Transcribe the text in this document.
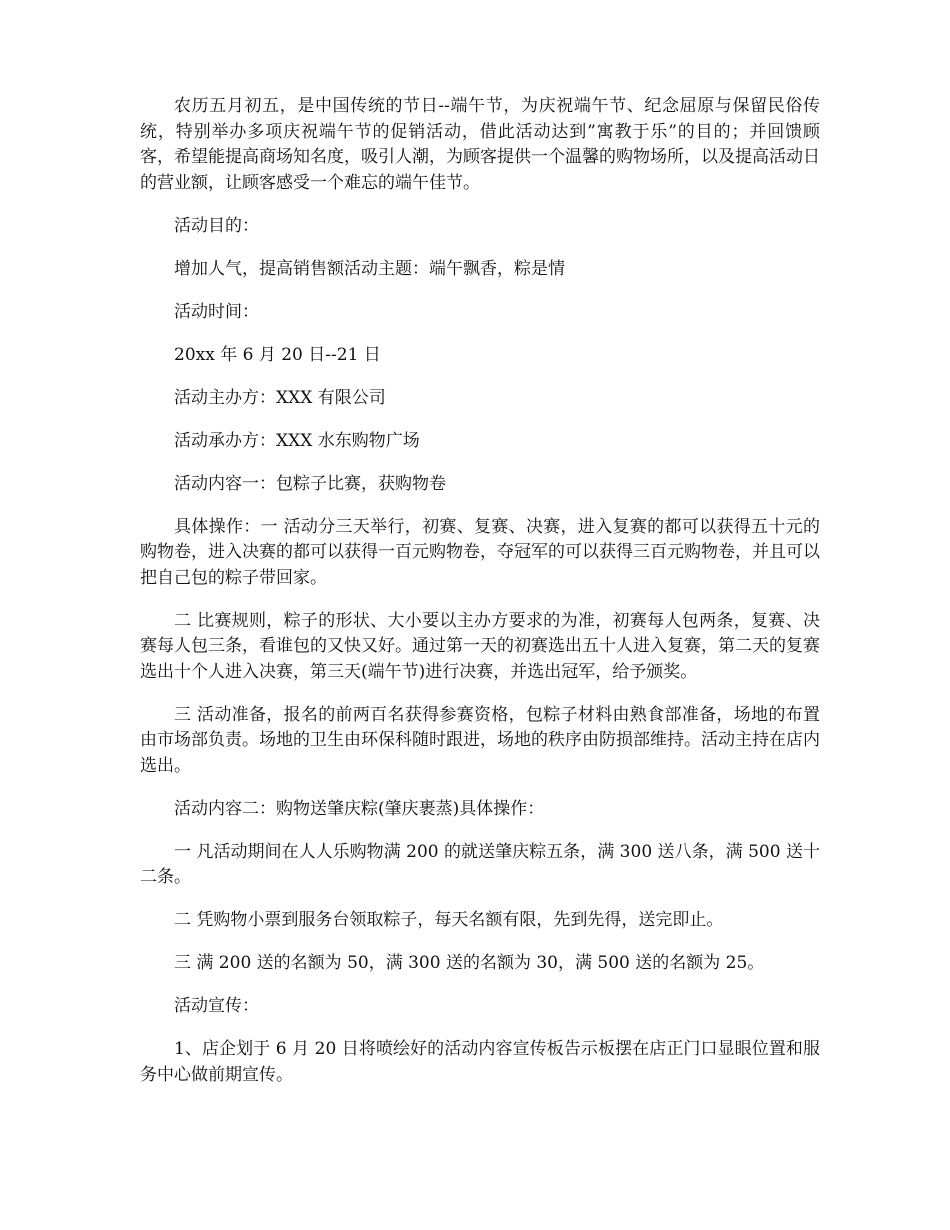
农历五月初五，是中国传统的节日--端午节，为庆祝端午节、纪念屈原与保留民俗传统，特别举办多项庆祝端午节的促销活动，借此活动达到”寓教于乐”的目的；并回馈顾客，希望能提高商场知名度，吸引人潮，为顾客提供一个温馨的购物场所，以及提高活动日的营业额，让顾客感受一个难忘的端午佳节。

活动目的：

增加人气，提高销售额活动主题：端午飘香，粽是情

活动时间：

20xx 年 6 月 20 日--21 日

活动主办方：XXX 有限公司

活动承办方：XXX 水东购物广场

活动内容一：包粽子比赛，获购物卷

具体操作：一 活动分三天举行，初赛、复赛、决赛，进入复赛的都可以获得五十元的购物卷，进入决赛的都可以获得一百元购物卷，夺冠军的可以获得三百元购物卷，并且可以把自己包的粽子带回家。

二 比赛规则，粽子的形状、大小要以主办方要求的为准，初赛每人包两条，复赛、决赛每人包三条，看谁包的又快又好。通过第一天的初赛选出五十人进入复赛，第二天的复赛选出十个人进入决赛，第三天(端午节)进行决赛，并选出冠军，给予颁奖。

三 活动准备，报名的前两百名获得参赛资格，包粽子材料由熟食部准备，场地的布置由市场部负责。场地的卫生由环保科随时跟进，场地的秩序由防损部维持。活动主持在店内选出。

活动内容二：购物送肇庆粽(肇庆裹蒸)具体操作：

一 凡活动期间在人人乐购物满 200 的就送肇庆粽五条，满 300 送八条，满 500 送十二条。

二 凭购物小票到服务台领取粽子，每天名额有限，先到先得，送完即止。

三 满 200 送的名额为 50，满 300 送的名额为 30，满 500 送的名额为 25。

活动宣传：

1、店企划于 6 月 20 日将喷绘好的活动内容宣传板告示板摆在店正门口显眼位置和服务中心做前期宣传。
